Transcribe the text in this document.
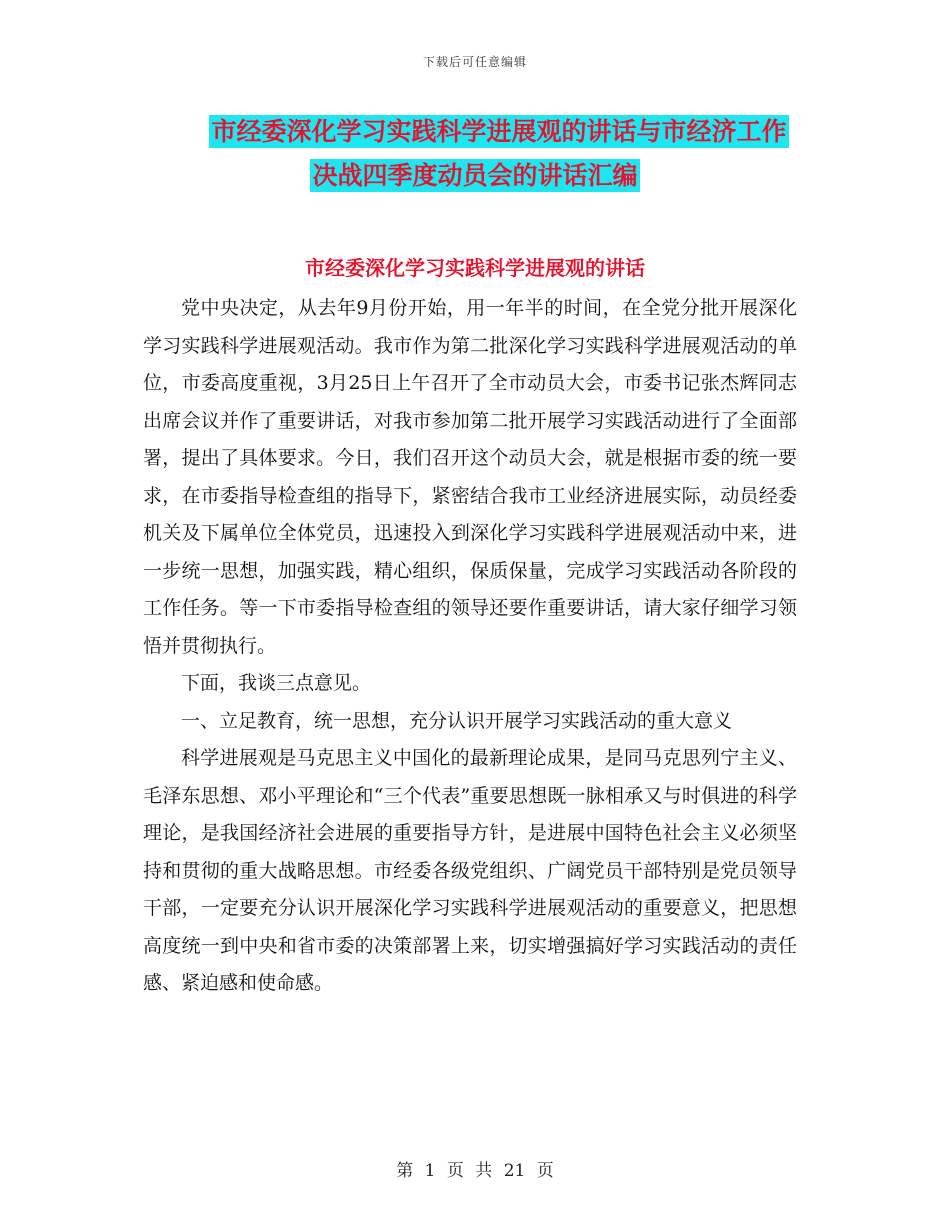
下载后可任意编辑
市经委深化学习实践科学进展观的讲话与市经济工作
决战四季度动员会的讲话汇编
市经委深化学习实践科学进展观的讲话

党中央决定，从去年9月份开始，用一年半的时间，在全党分批开展深化学习实践科学进展观活动。我市作为第二批深化学习实践科学进展观活动的单位，市委高度重视，3月25日上午召开了全市动员大会，市委书记张杰辉同志出席会议并作了重要讲话，对我市参加第二批开展学习实践活动进行了全面部署，提出了具体要求。今日，我们召开这个动员大会，就是根据市委的统一要求，在市委指导检查组的指导下，紧密结合我市工业经济进展实际，动员经委机关及下属单位全体党员，迅速投入到深化学习实践科学进展观活动中来，进一步统一思想，加强实践，精心组织，保质保量，完成学习实践活动各阶段的工作任务。等一下市委指导检查组的领导还要作重要讲话，请大家仔细学习领悟并贯彻执行。

下面，我谈三点意见。

一、立足教育，统一思想，充分认识开展学习实践活动的重大意义

科学进展观是马克思主义中国化的最新理论成果，是同马克思列宁主义、毛泽东思想、邓小平理论和“三个代表”重要思想既一脉相承又与时俱进的科学理论，是我国经济社会进展的重要指导方针，是进展中国特色社会主义必须坚持和贯彻的重大战略思想。市经委各级党组织、广阔党员干部特别是党员领导干部，一定要充分认识开展深化学习实践科学进展观活动的重要意义，把思想高度统一到中央和省市委的决策部署上来，切实增强搞好学习实践活动的责任感、紧迫感和使命感。

第 1 页 共 21 页
